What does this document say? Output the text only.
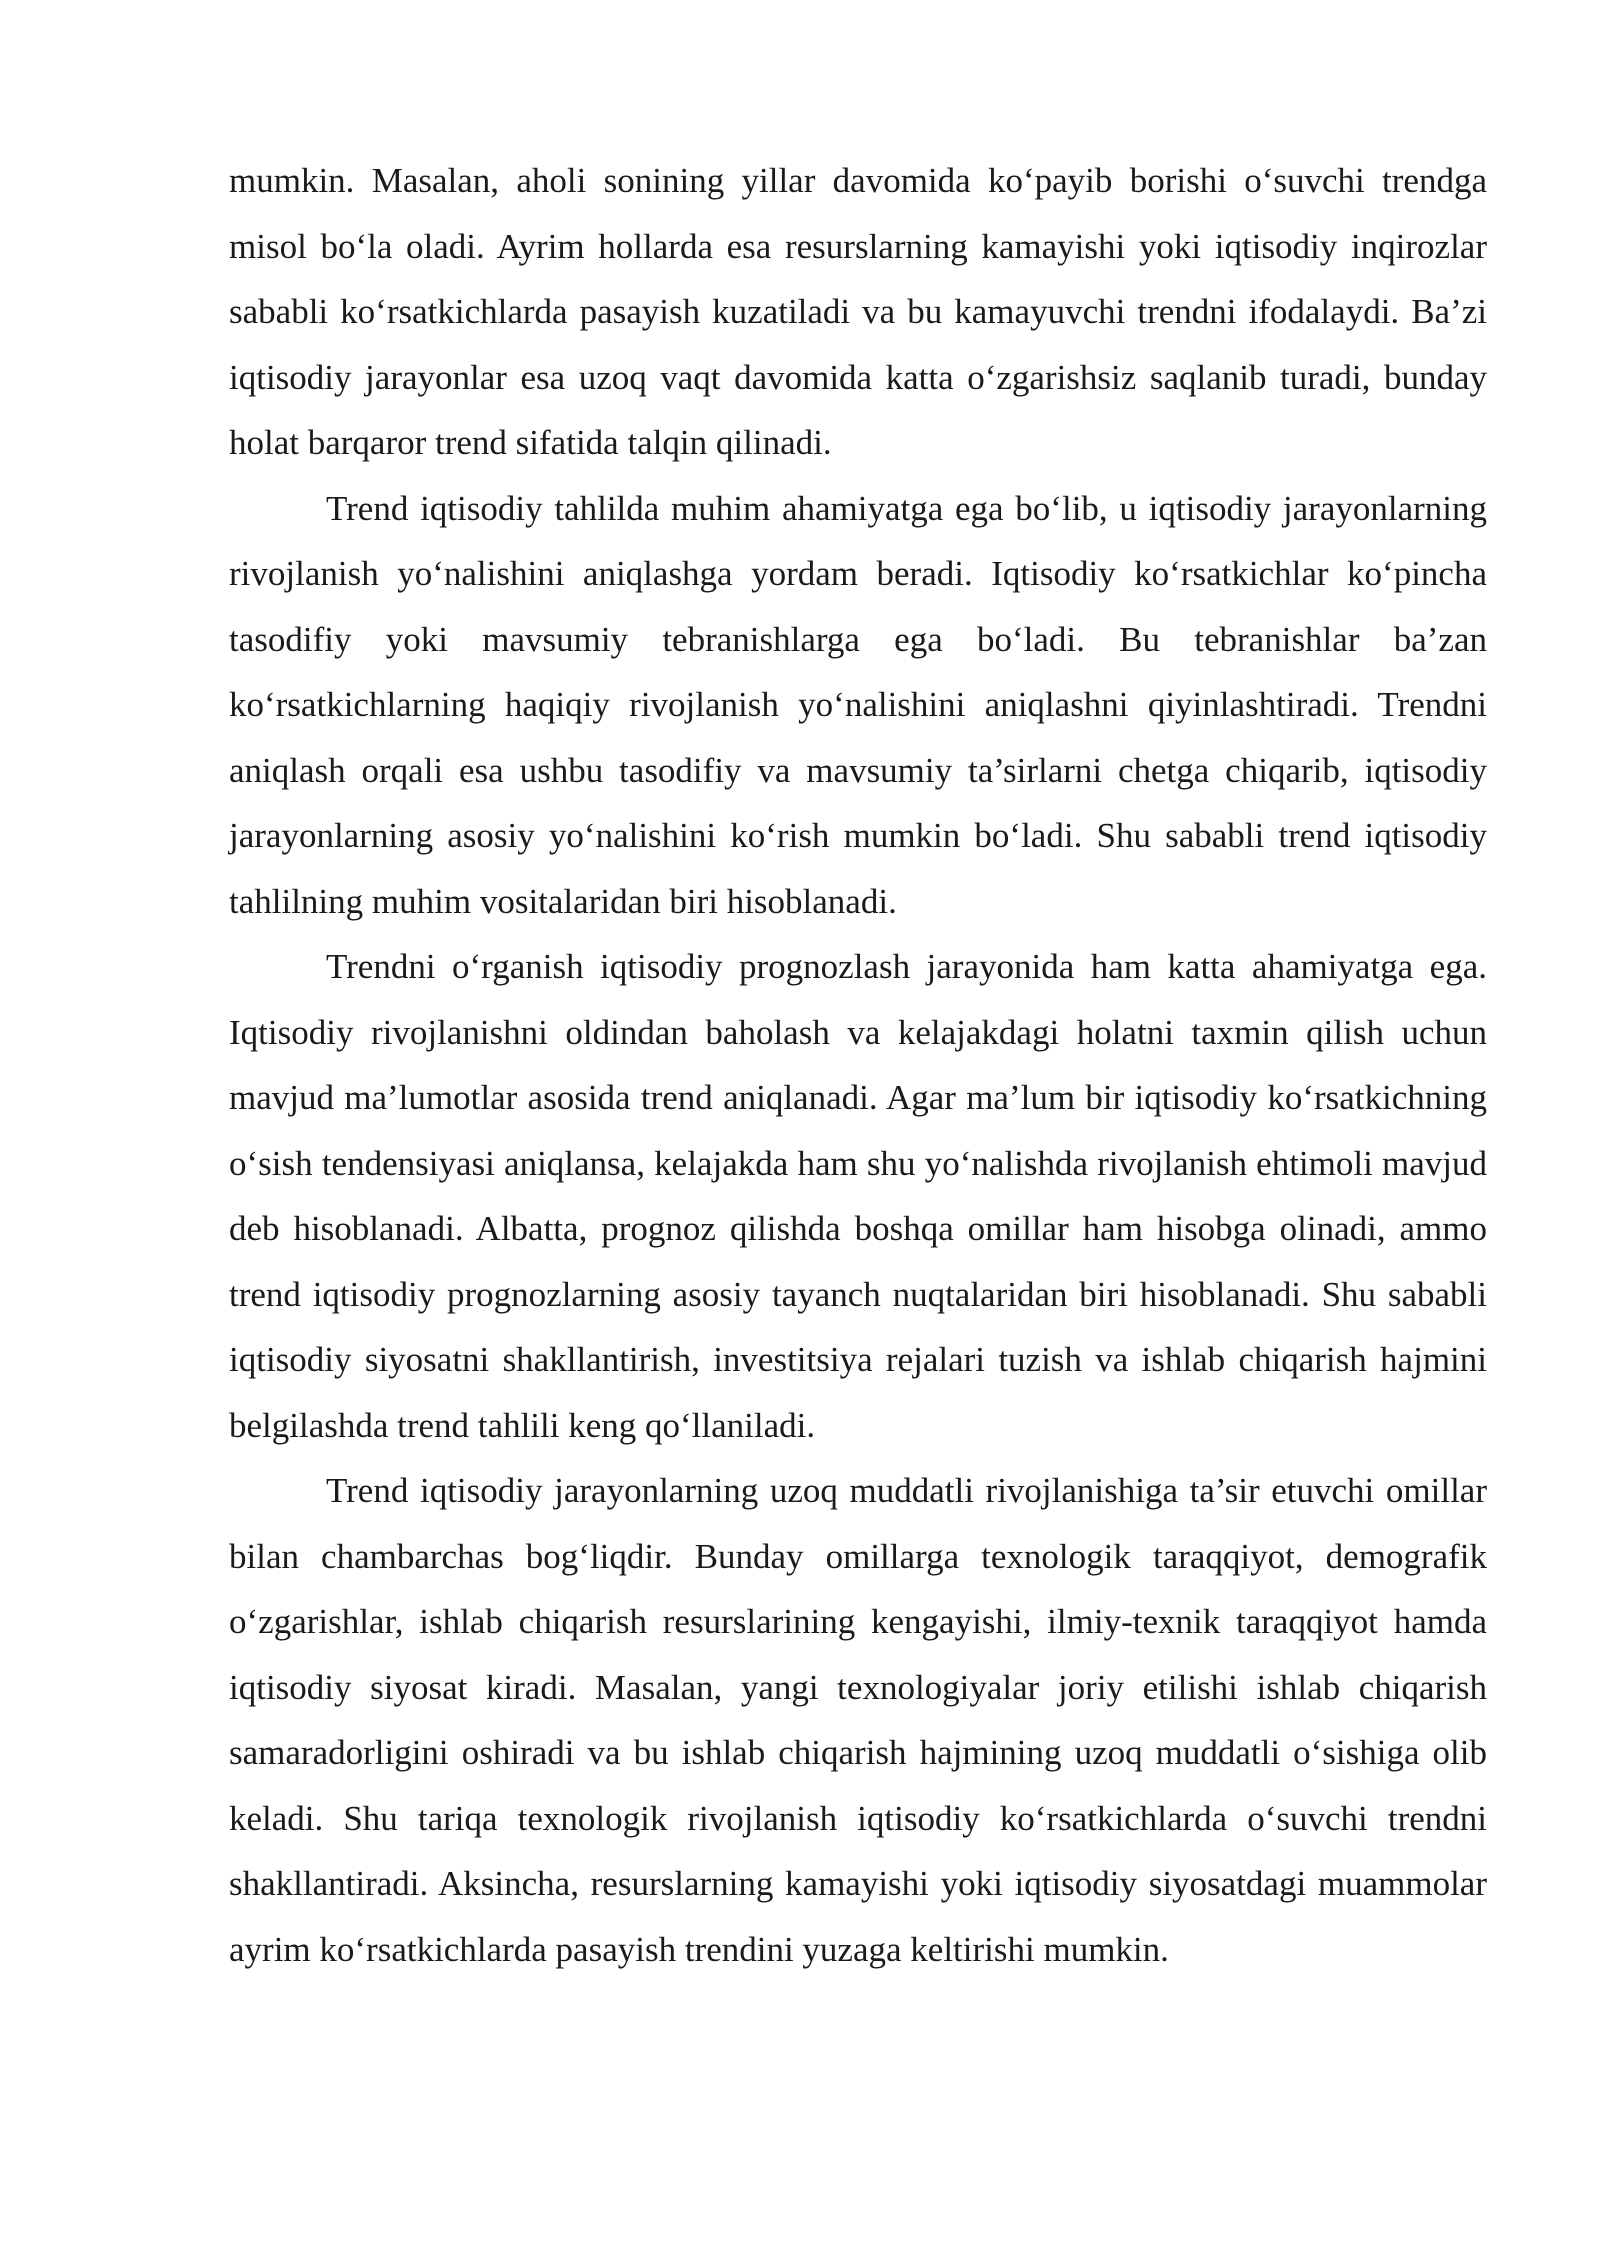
mumkin. Masalan, aholi sonining yillar davomida ko‘payib borishi o‘suvchi trendga misol bo‘la oladi. Ayrim hollarda esa resurslarning kamayishi yoki iqtisodiy inqirozlar sababli ko‘rsatkichlarda pasayish kuzatiladi va bu kamayuvchi trendni ifodalaydi. Ba’zi iqtisodiy jarayonlar esa uzoq vaqt davomida katta o‘zgarishsiz saqlanib turadi, bunday holat barqaror trend sifatida talqin qilinadi.

Trend iqtisodiy tahlilda muhim ahamiyatga ega bo‘lib, u iqtisodiy jarayonlarning rivojlanish yo‘nalishini aniqlashga yordam beradi. Iqtisodiy ko‘rsatkichlar ko‘pincha tasodifiy yoki mavsumiy tebranishlarga ega bo‘ladi. Bu tebranishlar ba’zan ko‘rsatkichlarning haqiqiy rivojlanish yo‘nalishini aniqlashni qiyinlashtiradi. Trendni aniqlash orqali esa ushbu tasodifiy va mavsumiy ta’sirlarni chetga chiqarib, iqtisodiy jarayonlarning asosiy yo‘nalishini ko‘rish mumkin bo‘ladi. Shu sababli trend iqtisodiy tahlilning muhim vositalaridan biri hisoblanadi.

Trendni o‘rganish iqtisodiy prognozlash jarayonida ham katta ahamiyatga ega. Iqtisodiy rivojlanishni oldindan baholash va kelajakdagi holatni taxmin qilish uchun mavjud ma’lumotlar asosida trend aniqlanadi. Agar ma’lum bir iqtisodiy ko‘rsatkichning o‘sish tendensiyasi aniqlansa, kelajakda ham shu yo‘nalishda rivojlanish ehtimoli mavjud deb hisoblanadi. Albatta, prognoz qilishda boshqa omillar ham hisobga olinadi, ammo trend iqtisodiy prognozlarning asosiy tayanch nuqtalaridan biri hisoblanadi. Shu sababli iqtisodiy siyosatni shakllantirish, investitsiya rejalari tuzish va ishlab chiqarish hajmini belgilashda trend tahlili keng qo‘llaniladi.

Trend iqtisodiy jarayonlarning uzoq muddatli rivojlanishiga ta’sir etuvchi omillar bilan chambarchas bog‘liqdir. Bunday omillarga texnologik taraqqiyot, demografik o‘zgarishlar, ishlab chiqarish resurslarining kengayishi, ilmiy-texnik taraqqiyot hamda iqtisodiy siyosat kiradi. Masalan, yangi texnologiyalar joriy etilishi ishlab chiqarish samaradorligini oshiradi va bu ishlab chiqarish hajmining uzoq muddatli o‘sishiga olib keladi. Shu tariqa texnologik rivojlanish iqtisodiy ko‘rsatkichlarda o‘suvchi trendni shakllantiradi. Aksincha, resurslarning kamayishi yoki iqtisodiy siyosatdagi muammolar ayrim ko‘rsatkichlarda pasayish trendini yuzaga keltirishi mumkin.
